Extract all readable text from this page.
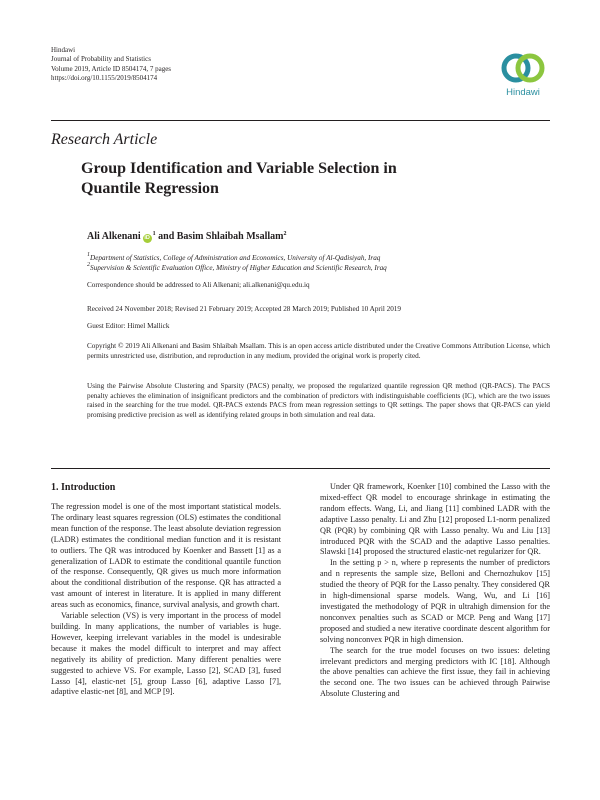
Hindawi
Journal of Probability and Statistics
Volume 2019, Article ID 8504174, 7 pages
https://doi.org/10.1155/2019/8504174
Hindawi
Research Article
Group Identification and Variable Selection in
Quantile Regression
Ali Alkenani $iD^1$ and Basim Shlaibah Msallam$^2$
$^1$Department of Statistics, College of Administration and Economics, University of Al-Qadisiyah, Iraq
$^2$Supervision & Scientific Evaluation Office, Ministry of Higher Education and Scientific Research, Iraq
Correspondence should be addressed to Ali Alkenani; ali.alkenani@qu.edu.iq
Received 24 November 2018; Revised 21 February 2019; Accepted 28 March 2019; Published 10 April 2019
Guest Editor: Himel Mallick
Copyright © 2019 Ali Alkenani and Basim Shlaibah Msallam. This is an open access article distributed under the Creative Commons Attribution License, which permits unrestricted use, distribution, and reproduction in any medium, provided the original work is properly cited.
Using the Pairwise Absolute Clustering and Sparsity (PACS) penalty, we proposed the regularized quantile regression QR method (QR-PACS). The PACS penalty achieves the elimination of insignificant predictors and the combination of predictors with indistinguishable coefficients (IC), which are the two issues raised in the searching for the true model. QR-PACS extends PACS from mean regression settings to QR settings. The paper shows that QR-PACS can yield promising predictive precision as well as identifying related groups in both simulation and real data.
1. Introduction

The regression model is one of the most important statistical models. The ordinary least squares regression (OLS) estimates the conditional mean function of the response. The least absolute deviation regression (LADR) estimates the conditional median function and it is resistant to outliers. The QR was introduced by Koenker and Bassett [1] as a generalization of LADR to estimate the conditional quantile function of the response. Consequently, QR gives us much more information about the conditional distribution of the response. QR has attracted a vast amount of interest in literature. It is applied in many different areas such as economics, finance, survival analysis, and growth chart.

Variable selection (VS) is very important in the process of model building. In many applications, the number of variables is huge. However, keeping irrelevant variables in the model is undesirable because it makes the model difficult to interpret and may affect negatively its ability of prediction. Many different penalties were suggested to achieve VS. For example, Lasso [2], SCAD [3], fused Lasso [4], elastic-net [5], group Lasso [6], adaptive Lasso [7], adaptive elastic-net [8], and MCP [9].

Under QR framework, Koenker [10] combined the Lasso with the mixed-effect QR model to encourage shrinkage in estimating the random effects. Wang, Li, and Jiang [11] combined LADR with the adaptive Lasso penalty. Li and Zhu [12] proposed L1-norm penalized QR (PQR) by combining QR with Lasso penalty. Wu and Liu [13] introduced PQR with the SCAD and the adaptive Lasso penalties. Slawski [14] proposed the structured elastic-net regularizer for QR.

In the setting p > n, where p represents the number of predictors and n represents the sample size, Belloni and Chernozhukov [15] studied the theory of PQR for the Lasso penalty. They considered QR in high-dimensional sparse models. Wang, Wu, and Li [16] investigated the methodology of PQR in ultrahigh dimension for the nonconvex penalties such as SCAD or MCP. Peng and Wang [17] proposed and studied a new iterative coordinate descent algorithm for solving nonconvex PQR in high dimension.

The search for the true model focuses on two issues: deleting irrelevant predictors and merging predictors with IC [18]. Although the above penalties can achieve the first issue, they fail in achieving the second one. The two issues can be achieved through Pairwise Absolute Clustering and
